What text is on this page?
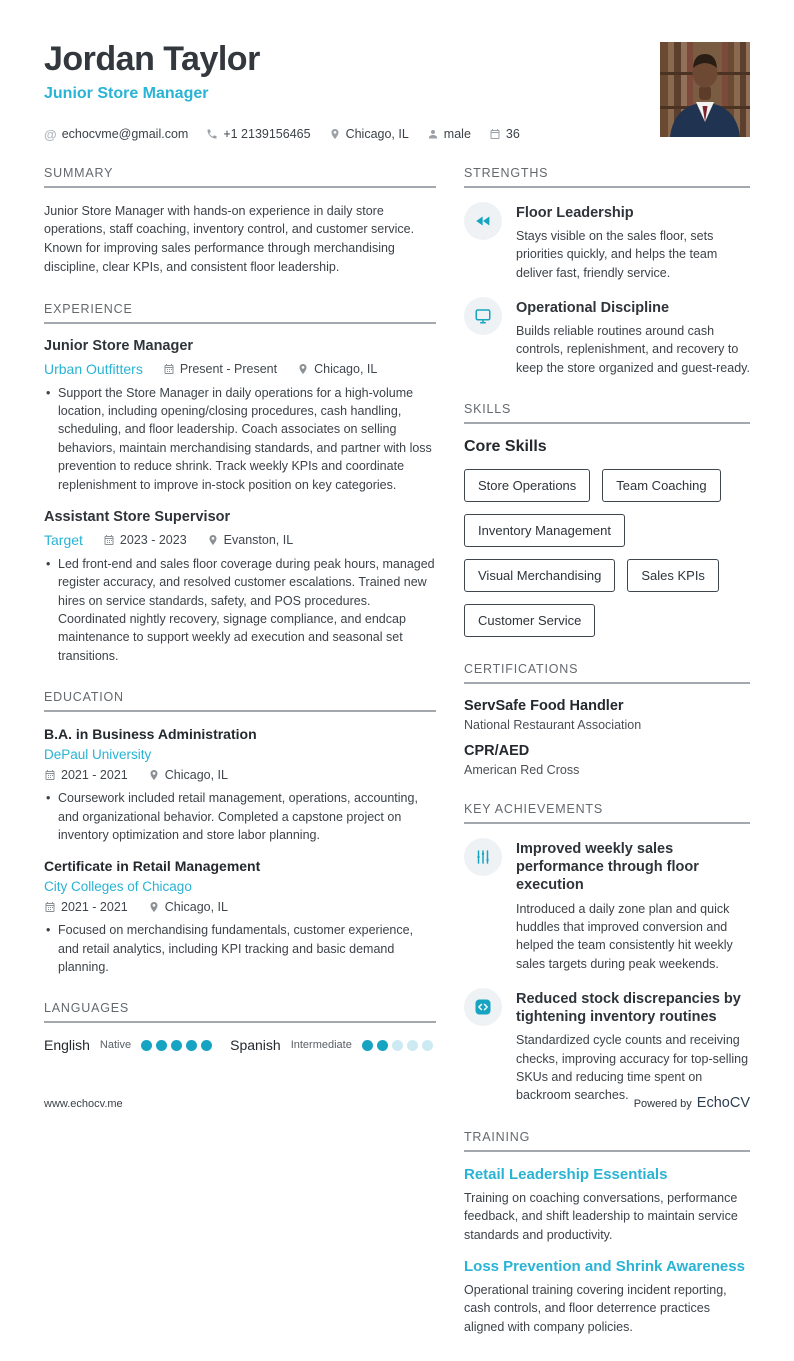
Jordan Taylor
Junior Store Manager
@ echocvme@gmail.com	+1 2139156465	Chicago, IL	male	36
SUMMARY

Junior Store Manager with hands-on experience in daily store operations, staff coaching, inventory control, and customer service. Known for improving sales performance through merchandising discipline, clear KPIs, and consistent floor leadership.

EXPERIENCE
Junior Store Manager
Urban Outfitters	Present - Present	Chicago, IL
• Support the Store Manager in daily operations for a high-volume location, including opening/closing procedures, cash handling, scheduling, and floor leadership. Coach associates on selling behaviors, maintain merchandising standards, and partner with loss prevention to reduce shrink. Track weekly KPIs and coordinate replenishment to improve in-stock position on key categories.
Assistant Store Supervisor
Target	2023 - 2023	Evanston, IL
• Led front-end and sales floor coverage during peak hours, managed register accuracy, and resolved customer escalations. Trained new hires on service standards, safety, and POS procedures. Coordinated nightly recovery, signage compliance, and endcap maintenance to support weekly ad execution and seasonal set transitions.
EDUCATION
B.A. in Business Administration
DePaul University
2021 - 2021	Chicago, IL
• Coursework included retail management, operations, accounting, and organizational behavior. Completed a capstone project on inventory optimization and store labor planning.
Certificate in Retail Management
City Colleges of Chicago
2021 - 2021	Chicago, IL
• Focused on merchandising fundamentals, customer experience, and retail analytics, including KPI tracking and basic demand planning.
LANGUAGES
English Native	Spanish Intermediate
STRENGTHS
Floor Leadership

Stays visible on the sales floor, sets priorities quickly, and helps the team deliver fast, friendly service.

Operational Discipline

Builds reliable routines around cash controls, replenishment, and recovery to keep the store organized and guest-ready.

SKILLS
Core Skills
Store Operations	Team Coaching
Inventory Management
Visual Merchandising	Sales KPIs
Customer Service
CERTIFICATIONS
ServSafe Food Handler

National Restaurant Association

CPR/AED

American Red Cross

KEY ACHIEVEMENTS
Improved weekly sales performance through floor execution

Introduced a daily zone plan and quick huddles that improved conversion and helped the team consistently hit weekly sales targets during peak weekends.

Reduced stock discrepancies by tightening inventory routines

Standardized cycle counts and receiving checks, improving accuracy for top-selling SKUs and reducing time spent on backroom searches.

TRAINING
Retail Leadership Essentials

Training on coaching conversations, performance feedback, and shift leadership to maintain service standards and productivity.

Loss Prevention and Shrink Awareness

Operational training covering incident reporting, cash controls, and floor deterrence practices aligned with company policies.

www.echocv.me	Powered by EchoCV
